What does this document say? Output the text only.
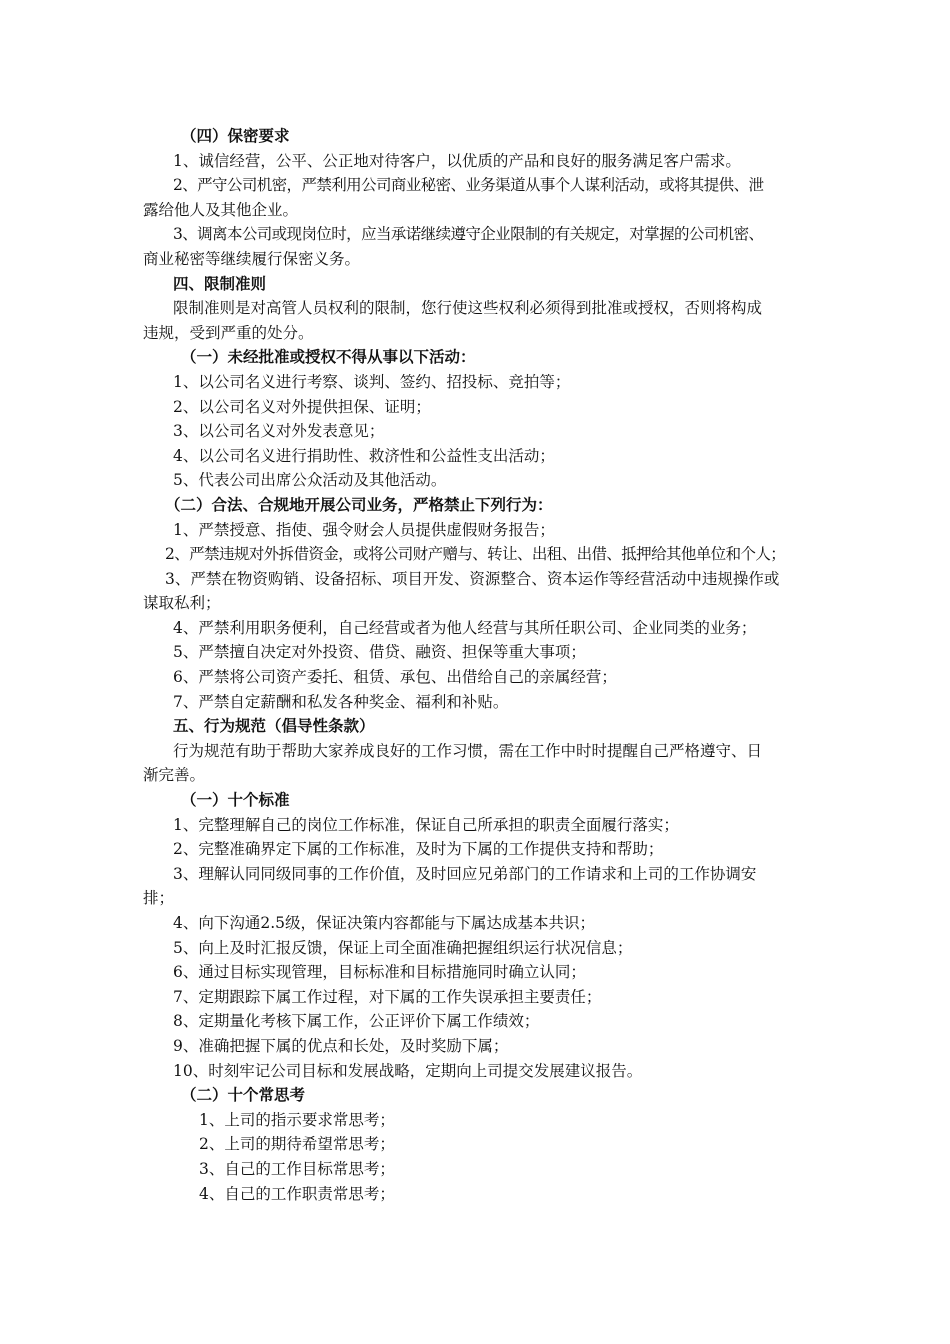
（四）保密要求
1、诚信经营，公平、公正地对待客户，以优质的产品和良好的服务满足客户需求。
2、严守公司机密，严禁利用公司商业秘密、业务渠道从事个人谋利活动，或将其提供、泄
露给他人及其他企业。
3、调离本公司或现岗位时，应当承诺继续遵守企业限制的有关规定，对掌握的公司机密、
商业秘密等继续履行保密义务。
四、限制准则
限制准则是对高管人员权利的限制，您行使这些权利必须得到批准或授权，否则将构成
违规，受到严重的处分。
（一）未经批准或授权不得从事以下活动：
1、以公司名义进行考察、谈判、签约、招投标、竞拍等；
2、以公司名义对外提供担保、证明；
3、以公司名义对外发表意见；
4、以公司名义进行捐助性、救济性和公益性支出活动；
5、代表公司出席公众活动及其他活动。
（二）合法、合规地开展公司业务，严格禁止下列行为：
1、严禁授意、指使、强令财会人员提供虚假财务报告；
2、严禁违规对外拆借资金，或将公司财产赠与、转让、出租、出借、抵押给其他单位和个人；
3、严禁在物资购销、设备招标、项目开发、资源整合、资本运作等经营活动中违规操作或
谋取私利；
4、严禁利用职务便利，自己经营或者为他人经营与其所任职公司、企业同类的业务；
5、严禁擅自决定对外投资、借贷、融资、担保等重大事项；
6、严禁将公司资产委托、租赁、承包、出借给自己的亲属经营；
7、严禁自定薪酬和私发各种奖金、福利和补贴。
五、行为规范（倡导性条款）
行为规范有助于帮助大家养成良好的工作习惯，需在工作中时时提醒自己严格遵守、日
渐完善。
（一）十个标准
1、完整理解自己的岗位工作标准，保证自己所承担的职责全面履行落实；
2、完整准确界定下属的工作标准，及时为下属的工作提供支持和帮助；
3、理解认同同级同事的工作价值，及时回应兄弟部门的工作请求和上司的工作协调安
排；
4、向下沟通2.5级，保证决策内容都能与下属达成基本共识；
5、向上及时汇报反馈，保证上司全面准确把握组织运行状况信息；
6、通过目标实现管理，目标标准和目标措施同时确立认同；
7、定期跟踪下属工作过程，对下属的工作失误承担主要责任；
8、定期量化考核下属工作，公正评价下属工作绩效；
9、准确把握下属的优点和长处，及时奖励下属；
10、时刻牢记公司目标和发展战略，定期向上司提交发展建议报告。
（二）十个常思考
1、上司的指示要求常思考；
2、上司的期待希望常思考；
3、自己的工作目标常思考；
4、自己的工作职责常思考；
